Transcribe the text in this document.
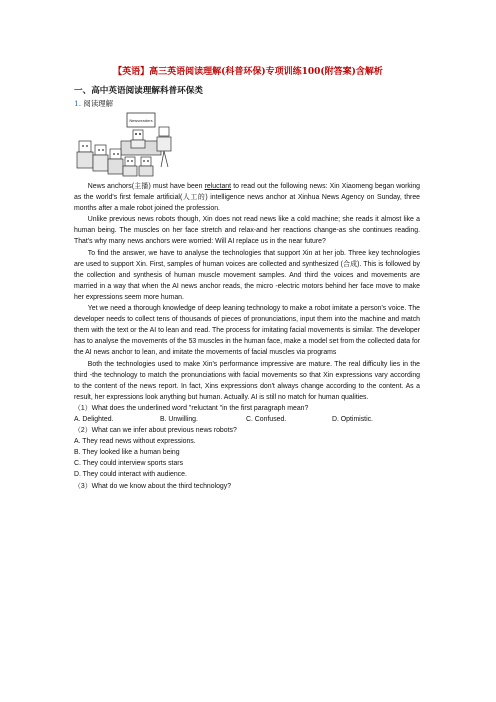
【英语】高三英语阅读理解(科普环保)专项训练100(附答案)含解析
一、高中英语阅读理解科普环保类
1. 阅读理解
Newsreaders

News anchors(主播) must have been reluctant to read out the following news: Xin Xiaomeng began working as the world's first female artificial(人工的) intelligence news anchor at Xinhua News Agency on Sunday, three months after a male robot joined the profession.

Unlike previous news robots though, Xin does not read news like a cold machine; she reads it almost like a human being. The muscles on her face stretch and relax-and her reactions change-as she continues reading. That's why many news anchors were worried: Will AI replace us in the near future?

To find the answer, we have to analyse the technologies that support Xin at her job. Three key technologies are used to support Xin. First, samples of human voices are collected and synthesized (合成). This is followed by the collection and synthesis of human muscle movement samples. And third the voices and movements are married in a way that when the AI news anchor reads, the micro -electric motors behind her face move to make her expressions seem more human.

Yet we need a thorough knowledge of deep leaning technology to make a robot imitate a person's voice. The developer needs to collect tens of thousands of pieces of pronunciations, input them into the machine and match them with the text or the AI to lean and read. The process for imitating facial movements is similar. The developer has to analyse the movements of the 53 muscles in the human face, make a model set from the collected data for the AI news anchor to lean, and imitate the movements of facial muscles via programs

Both the technologies used to make Xin's performance impressive are mature. The real difficulty lies in the third -the technology to match the pronunciations with facial movements so that Xin expressions vary according to the content of the news report. In fact, Xins expressions don't always change according to the content. As a result, her expressions look anything but human. Actually. AI is still no match for human qualities.

（1）What does the underlined word "reluctant "in the first paragraph mean?

A. Delighted.	B. Unwilling.	C. Confused.	D. Optimistic.

（2）What can we infer about previous news robots?

A. They read news without expressions.

B. They looked like a human being

C. They could interview sports stars

D. They could interact with audience.

（3）What do we know about the third technology?
